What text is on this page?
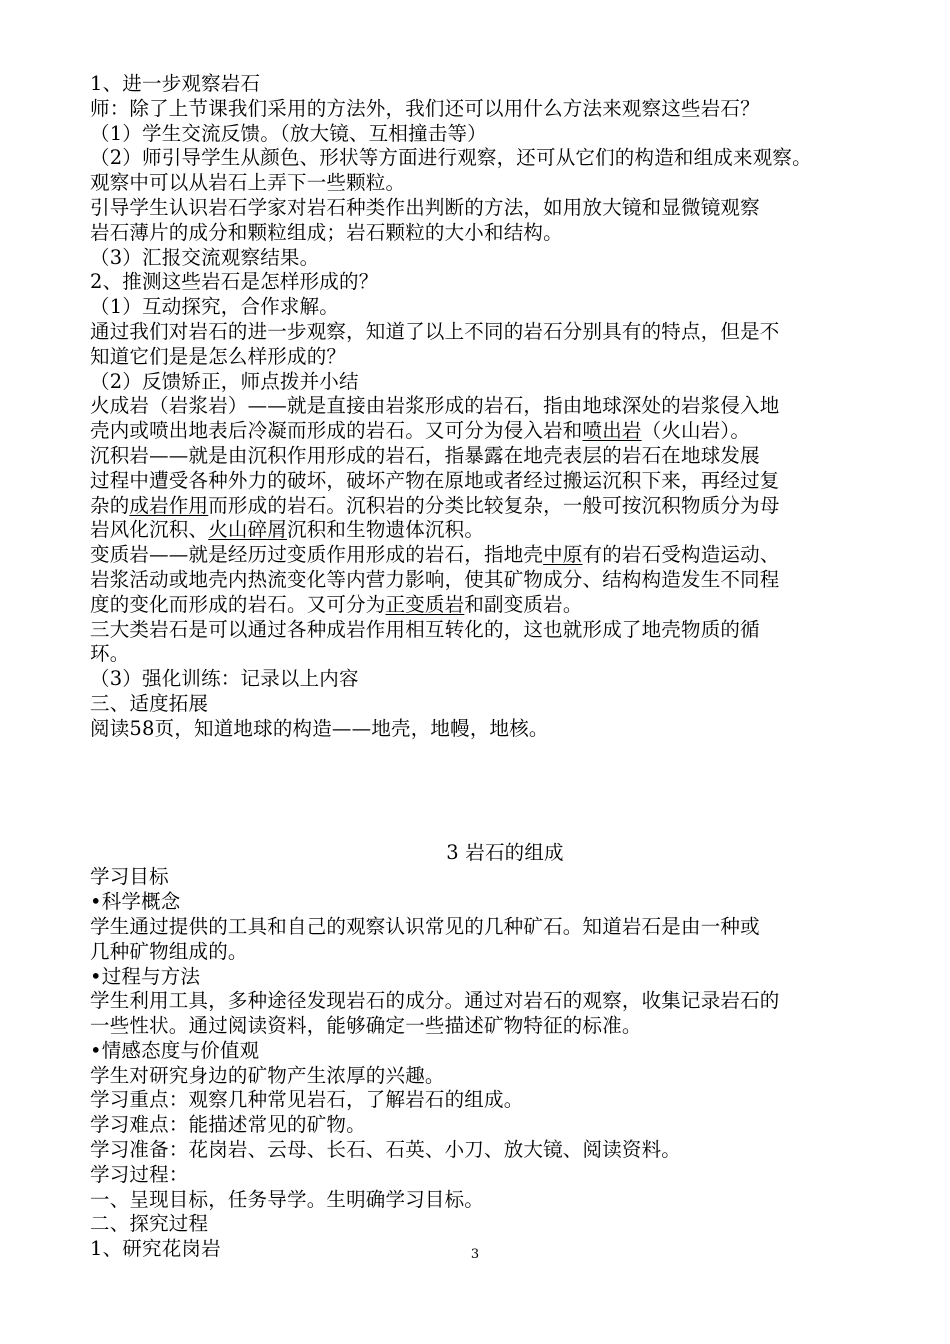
1、进一步观察岩石
师：除了上节课我们采用的方法外，我们还可以用什么方法来观察这些岩石？
（1）学生交流反馈。（放大镜、互相撞击等）
（2）师引导学生从颜色、形状等方面进行观察，还可从它们的构造和组成来观察。
观察中可以从岩石上弄下一些颗粒。
引导学生认识岩石学家对岩石种类作出判断的方法，如用放大镜和显微镜观察
岩石薄片的成分和颗粒组成；岩石颗粒的大小和结构。
（3）汇报交流观察结果。
2、推测这些岩石是怎样形成的？
（1）互动探究，合作求解。
通过我们对岩石的进一步观察，知道了以上不同的岩石分别具有的特点，但是不
知道它们是是怎么样形成的？
（2）反馈矫正，师点拨并小结
火成岩（岩浆岩）——就是直接由岩浆形成的岩石，指由地球深处的岩浆侵入地
壳内或喷出地表后冷凝而形成的岩石。又可分为侵入岩和喷出岩（火山岩）。
沉积岩——就是由沉积作用形成的岩石，指暴露在地壳表层的岩石在地球发展
过程中遭受各种外力的破坏，破坏产物在原地或者经过搬运沉积下来，再经过复
杂的成岩作用而形成的岩石。沉积岩的分类比较复杂，一般可按沉积物质分为母
岩风化沉积、火山碎屑沉积和生物遗体沉积。
变质岩——就是经历过变质作用形成的岩石，指地壳中原有的岩石受构造运动、
岩浆活动或地壳内热流变化等内营力影响，使其矿物成分、结构构造发生不同程
度的变化而形成的岩石。又可分为正变质岩和副变质岩。
三大类岩石是可以通过各种成岩作用相互转化的，这也就形成了地壳物质的循
环。
（3）强化训练：记录以上内容
三、适度拓展
阅读58页，知道地球的构造——地壳，地幔，地核。
3 岩石的组成
学习目标
•科学概念
学生通过提供的工具和自己的观察认识常见的几种矿石。知道岩石是由一种或
几种矿物组成的。
•过程与方法
学生利用工具，多种途径发现岩石的成分。通过对岩石的观察，收集记录岩石的
一些性状。通过阅读资料，能够确定一些描述矿物特征的标准。
•情感态度与价值观
学生对研究身边的矿物产生浓厚的兴趣。
学习重点：观察几种常见岩石，了解岩石的组成。
学习难点：能描述常见的矿物。
学习准备：花岗岩、云母、长石、石英、小刀、放大镜、阅读资料。
学习过程：
一、呈现目标，任务导学。生明确学习目标。
二、探究过程
1、研究花岗岩	3
